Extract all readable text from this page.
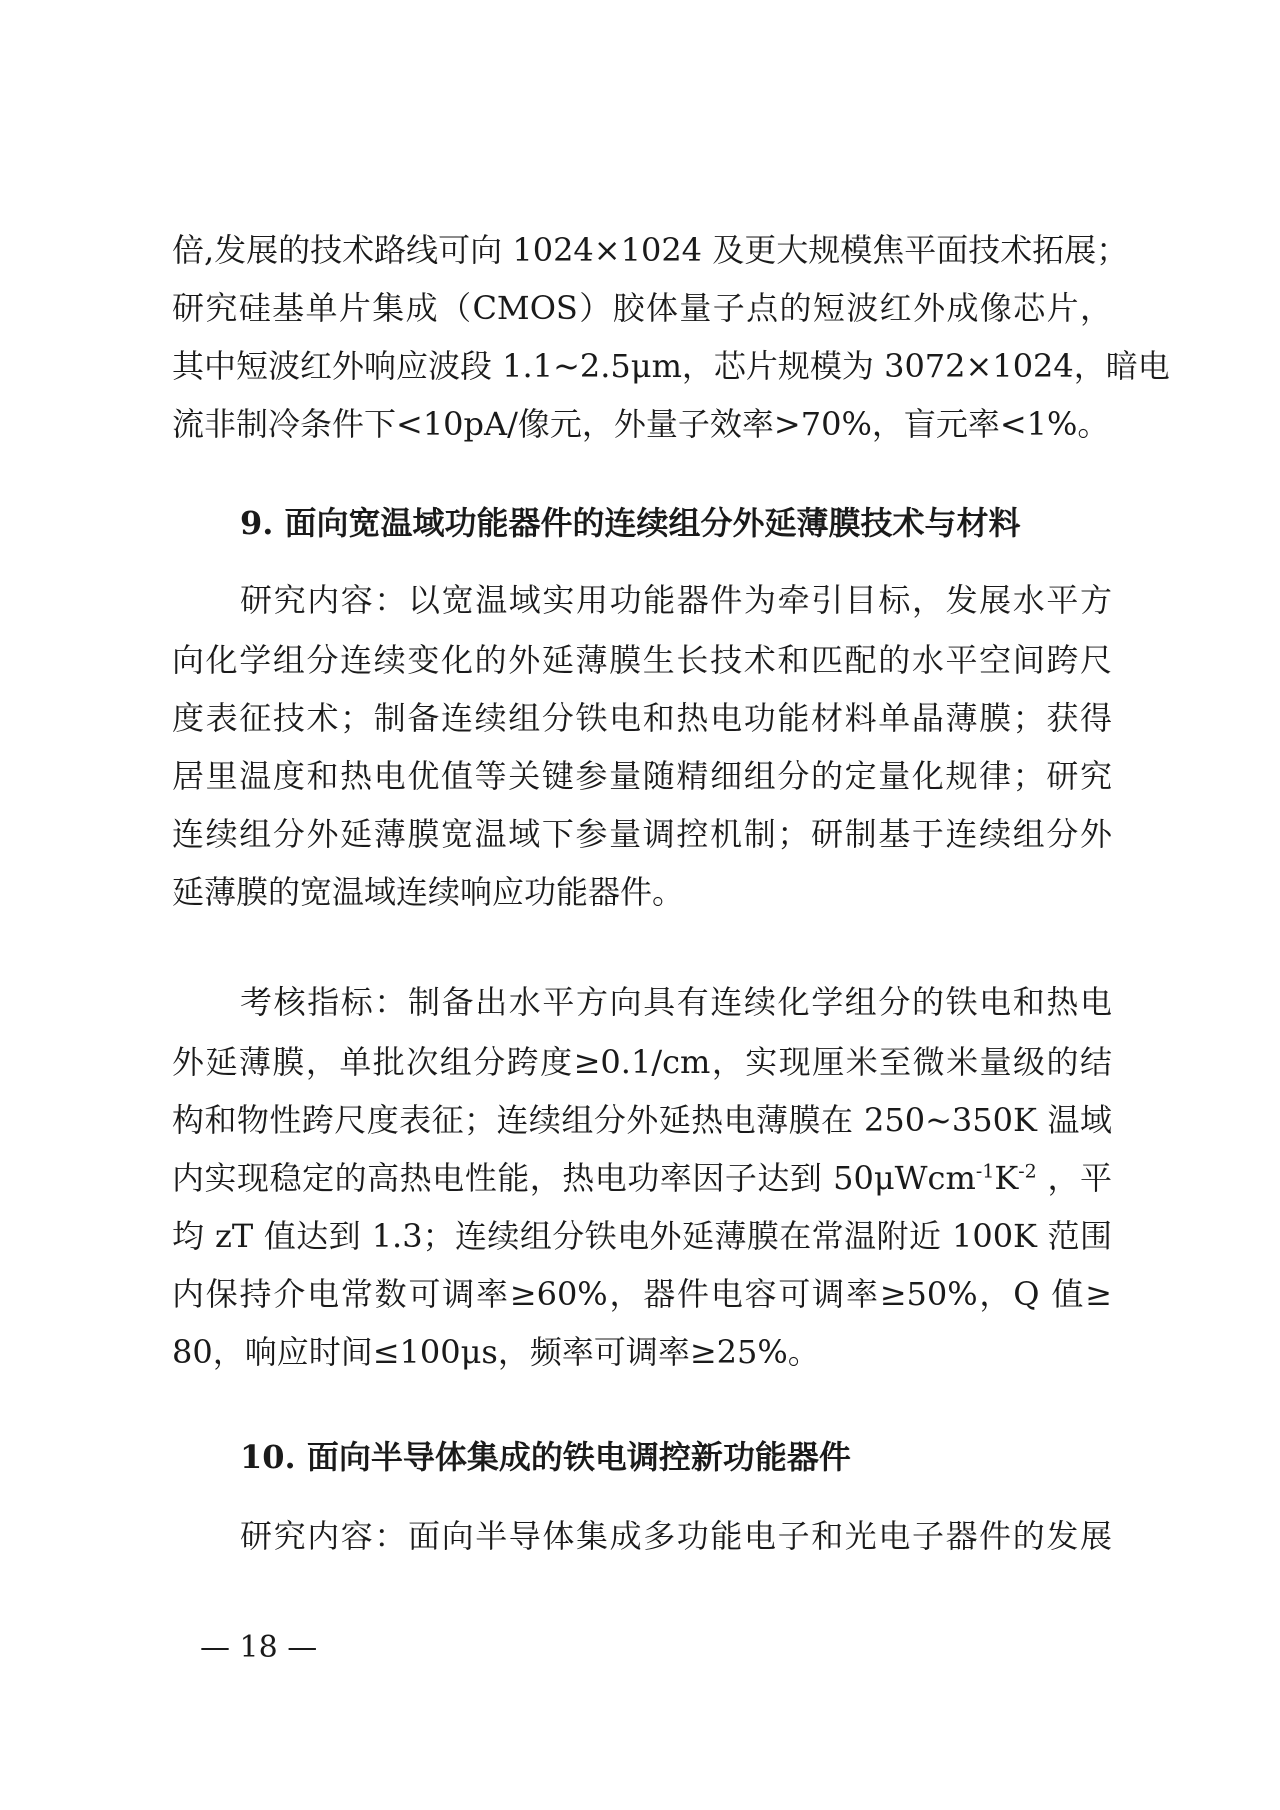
倍,发展的技术路线可向 1024×1024 及更大规模焦平面技术拓展；
研究硅基单片集成（CMOS）胶体量子点的短波红外成像芯片，
其中短波红外响应波段 1.1~2.5μm，芯片规模为 3072×1024，暗电
流非制冷条件下<10pA/像元，外量子效率>70%，盲元率<1%。
9. 面向宽温域功能器件的连续组分外延薄膜技术与材料
研究内容：以宽温域实用功能器件为牵引目标，发展水平方
向化学组分连续变化的外延薄膜生长技术和匹配的水平空间跨尺
度表征技术；制备连续组分铁电和热电功能材料单晶薄膜；获得
居里温度和热电优值等关键参量随精细组分的定量化规律；研究
连续组分外延薄膜宽温域下参量调控机制；研制基于连续组分外
延薄膜的宽温域连续响应功能器件。
考核指标：制备出水平方向具有连续化学组分的铁电和热电
外延薄膜，单批次组分跨度≥0.1/cm，实现厘米至微米量级的结
构和物性跨尺度表征；连续组分外延热电薄膜在 250~350K 温域
内实现稳定的高热电性能，热电功率因子达到 $50\mu Wcm^{-1}K^{-2}$ ，平
均 zT 值达到 1.3；连续组分铁电外延薄膜在常温附近 100K 范围
内保持介电常数可调率≥60%，器件电容可调率≥50%，Q 值≥
80，响应时间≤100μs，频率可调率≥25%。
10. 面向半导体集成的铁电调控新功能器件
研究内容：面向半导体集成多功能电子和光电子器件的发展
— 18 —
